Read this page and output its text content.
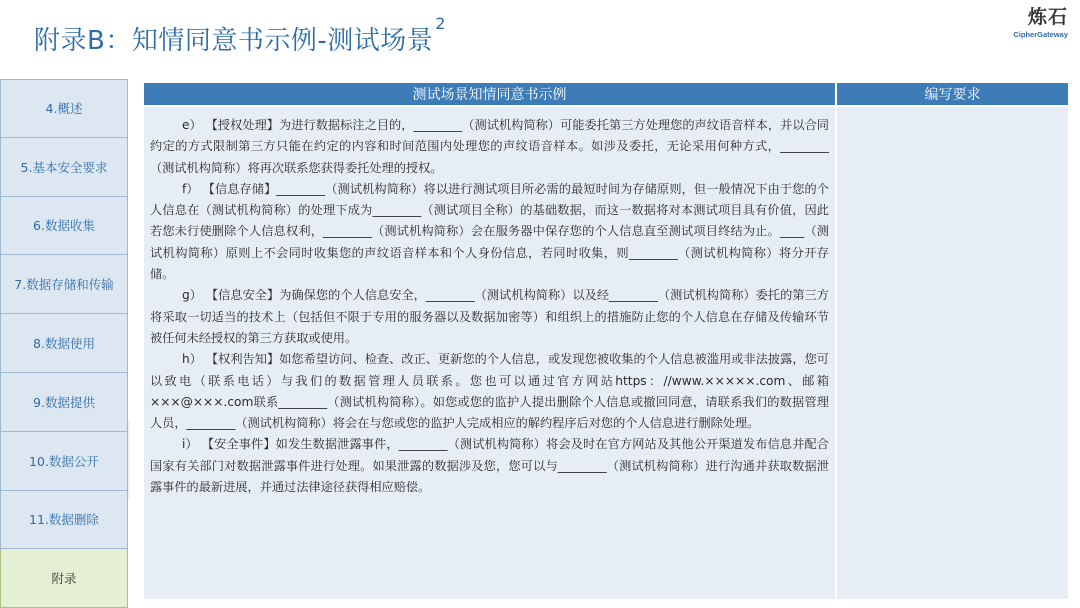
附录B：知情同意书示例-测试场景$^2$	炼石
CipherGateway
4.概述
5.基本安全要求
6.数据收集
7.数据存储和传输
8.数据使用
9.数据提供
10.数据公开
11.数据删除
附录
测试场景知情同意书示例	编写要求

e） 【授权处理】为进行数据标注之目的，________（测试机构简称）可能委托第三方处理您的声纹语音样本，并以合同约定的方式限制第三方只能在约定的内容和时间范围内处理您的声纹语音样本。如涉及委托，无论采用何种方式，________（测试机构简称）将再次联系您获得委托处理的授权。

f） 【信息存储】________（测试机构简称）将以进行测试项目所必需的最短时间为存储原则，但一般情况下由于您的个人信息在（测试机构简称）的处理下成为________（测试项目全称）的基础数据，而这一数据将对本测试项目具有价值，因此若您未行使删除个人信息权利，________（测试机构简称）会在服务器中保存您的个人信息直至测试项目终结为止。____（测试机构简称）原则上不会同时收集您的声纹语音样本和个人身份信息，若同时收集，则________（测试机构简称）将分开存储。

g） 【信息安全】为确保您的个人信息安全，________（测试机构简称）以及经________（测试机构简称）委托的第三方将采取一切适当的技术上（包括但不限于专用的服务器以及数据加密等）和组织上的措施防止您的个人信息在存储及传输环节被任何未经授权的第三方获取或使用。

h） 【权利告知】如您希望访问、检查、改正、更新您的个人信息，或发现您被收集的个人信息被滥用或非法披露，您可以致电（联系电话）与我们的数据管理人员联系。您也可以通过官方网站https：//www.×××××.com、邮箱×××@×××.com联系________（测试机构简称）。如您或您的监护人提出删除个人信息或撤回同意，请联系我们的数据管理人员，________（测试机构简称）将会在与您或您的监护人完成相应的解约程序后对您的个人信息进行删除处理。

i） 【安全事件】如发生数据泄露事件，________（测试机构简称）将会及时在官方网站及其他公开渠道发布信息并配合国家有关部门对数据泄露事件进行处理。如果泄露的数据涉及您，您可以与________（测试机构简称）进行沟通并获取数据泄露事件的最新进展，并通过法律途径获得相应赔偿。
